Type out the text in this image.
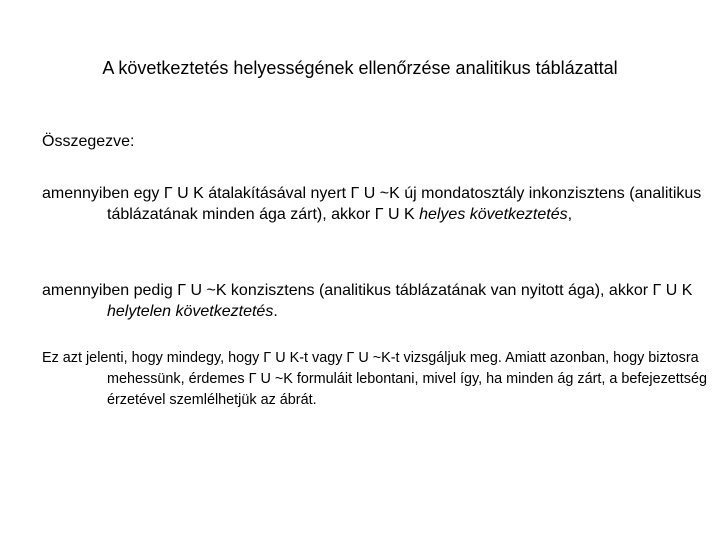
A következtetés helyességének ellenőrzése analitikus táblázattal
Összegezve:

amennyiben egy Γ U K átalakításával nyert Γ U ~K új mondatosztály inkonzisztens (analitikus táblázatának minden ága zárt), akkor Γ U K helyes következtetés,

amennyiben pedig Γ U ~K konzisztens (analitikus táblázatának van nyitott ága), akkor Γ U K helytelen következtetés.

Ez azt jelenti, hogy mindegy, hogy Γ U K-t vagy Γ U ~K-t vizsgáljuk meg. Amiatt azonban, hogy biztosra mehessünk, érdemes Γ U ~K formuláit lebontani, mivel így, ha minden ág zárt, a befejezettség érzetével szemlélhetjük az ábrát.
